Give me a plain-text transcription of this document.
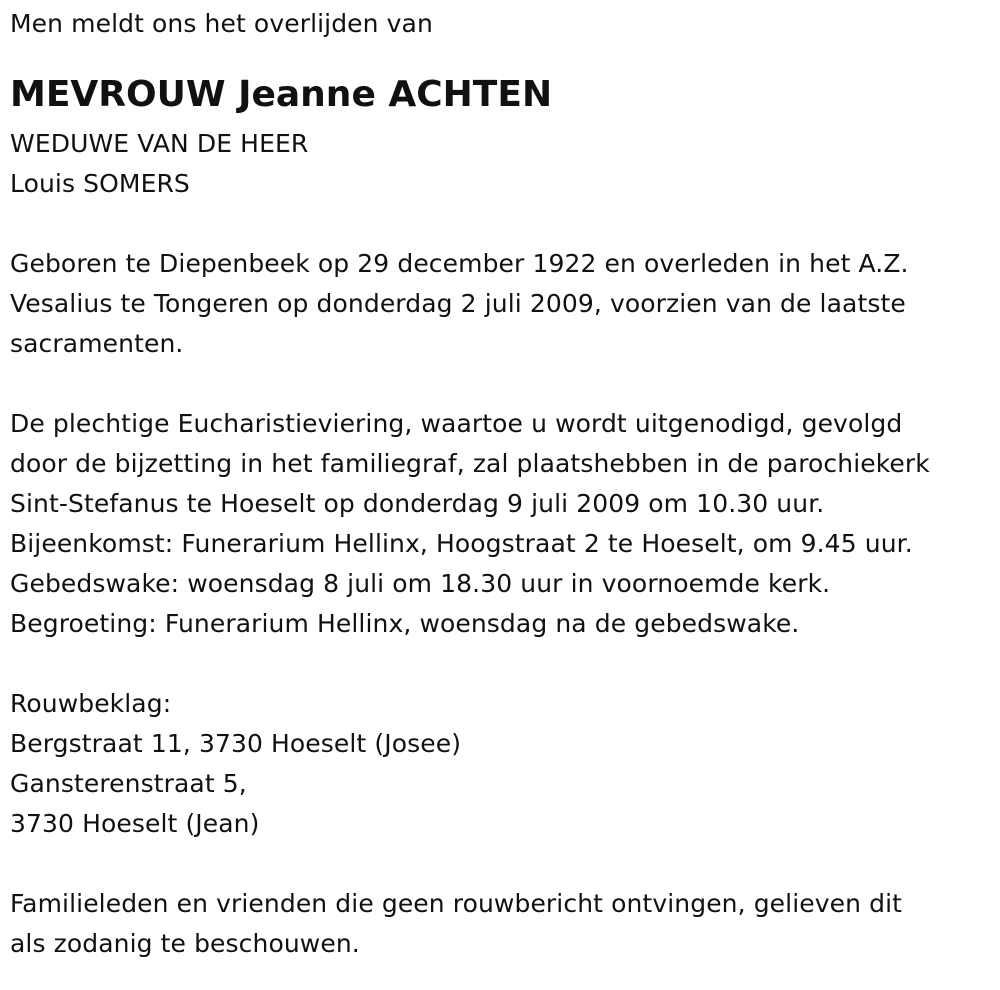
Men meldt ons het overlijden van
MEVROUW Jeanne ACHTEN
WEDUWE VAN DE HEER
Louis SOMERS
Geboren te Diepenbeek op 29 december 1922 en overleden in het A.Z.
Vesalius te Tongeren op donderdag 2 juli 2009, voorzien van de laatste
sacramenten.
De plechtige Eucharistieviering, waartoe u wordt uitgenodigd, gevolgd
door de bijzetting in het familiegraf, zal plaatshebben in de parochiekerk
Sint-Stefanus te Hoeselt op donderdag 9 juli 2009 om 10.30 uur.
Bijeenkomst: Funerarium Hellinx, Hoogstraat 2 te Hoeselt, om 9.45 uur.
Gebedswake: woensdag 8 juli om 18.30 uur in voornoemde kerk.
Begroeting: Funerarium Hellinx, woensdag na de gebedswake.
Rouwbeklag:
Bergstraat 11, 3730 Hoeselt (Josee)
Gansterenstraat 5,
3730 Hoeselt (Jean)
Familieleden en vrienden die geen rouwbericht ontvingen, gelieven dit
als zodanig te beschouwen.
